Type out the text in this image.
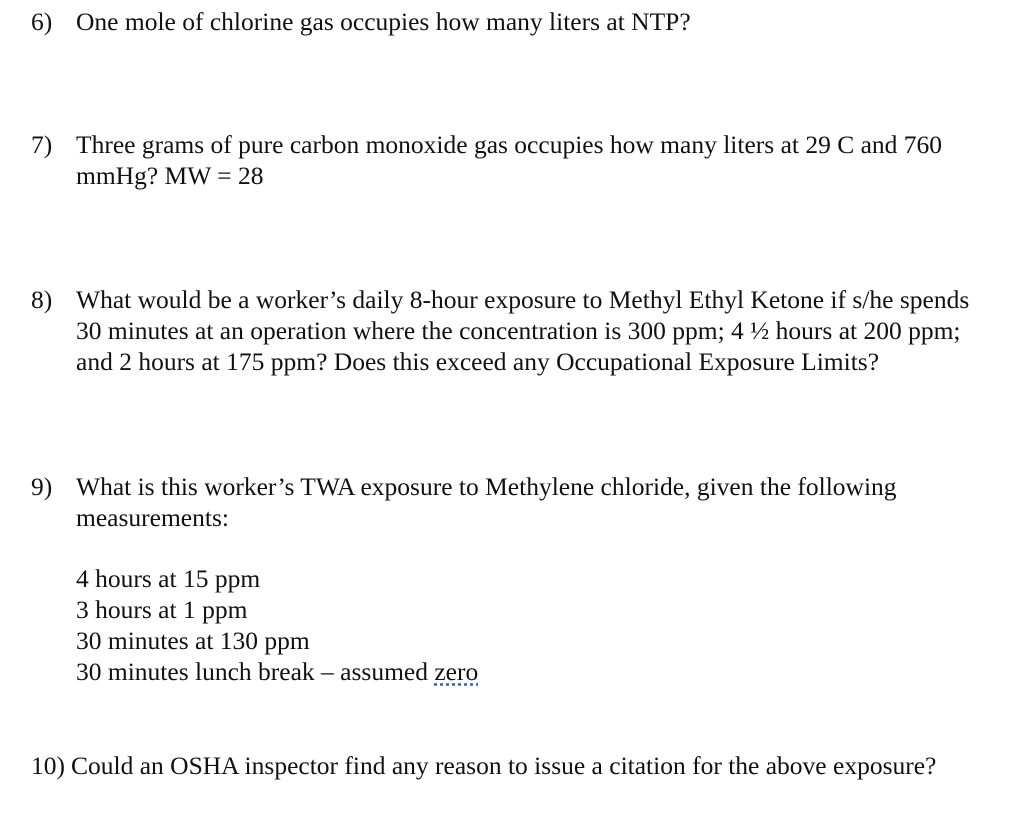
6) One mole of chlorine gas occupies how many liters at NTP?
7) Three grams of pure carbon monoxide gas occupies how many liters at 29 C and 760
mmHg? MW = 28
8) What would be a worker’s daily 8-hour exposure to Methyl Ethyl Ketone if s/he spends
30 minutes at an operation where the concentration is 300 ppm; 4 ½ hours at 200 ppm;
and 2 hours at 175 ppm? Does this exceed any Occupational Exposure Limits?
9) What is this worker’s TWA exposure to Methylene chloride, given the following
measurements:
4 hours at 15 ppm
3 hours at 1 ppm
30 minutes at 130 ppm
30 minutes lunch break – assumed zero
10) Could an OSHA inspector find any reason to issue a citation for the above exposure?
